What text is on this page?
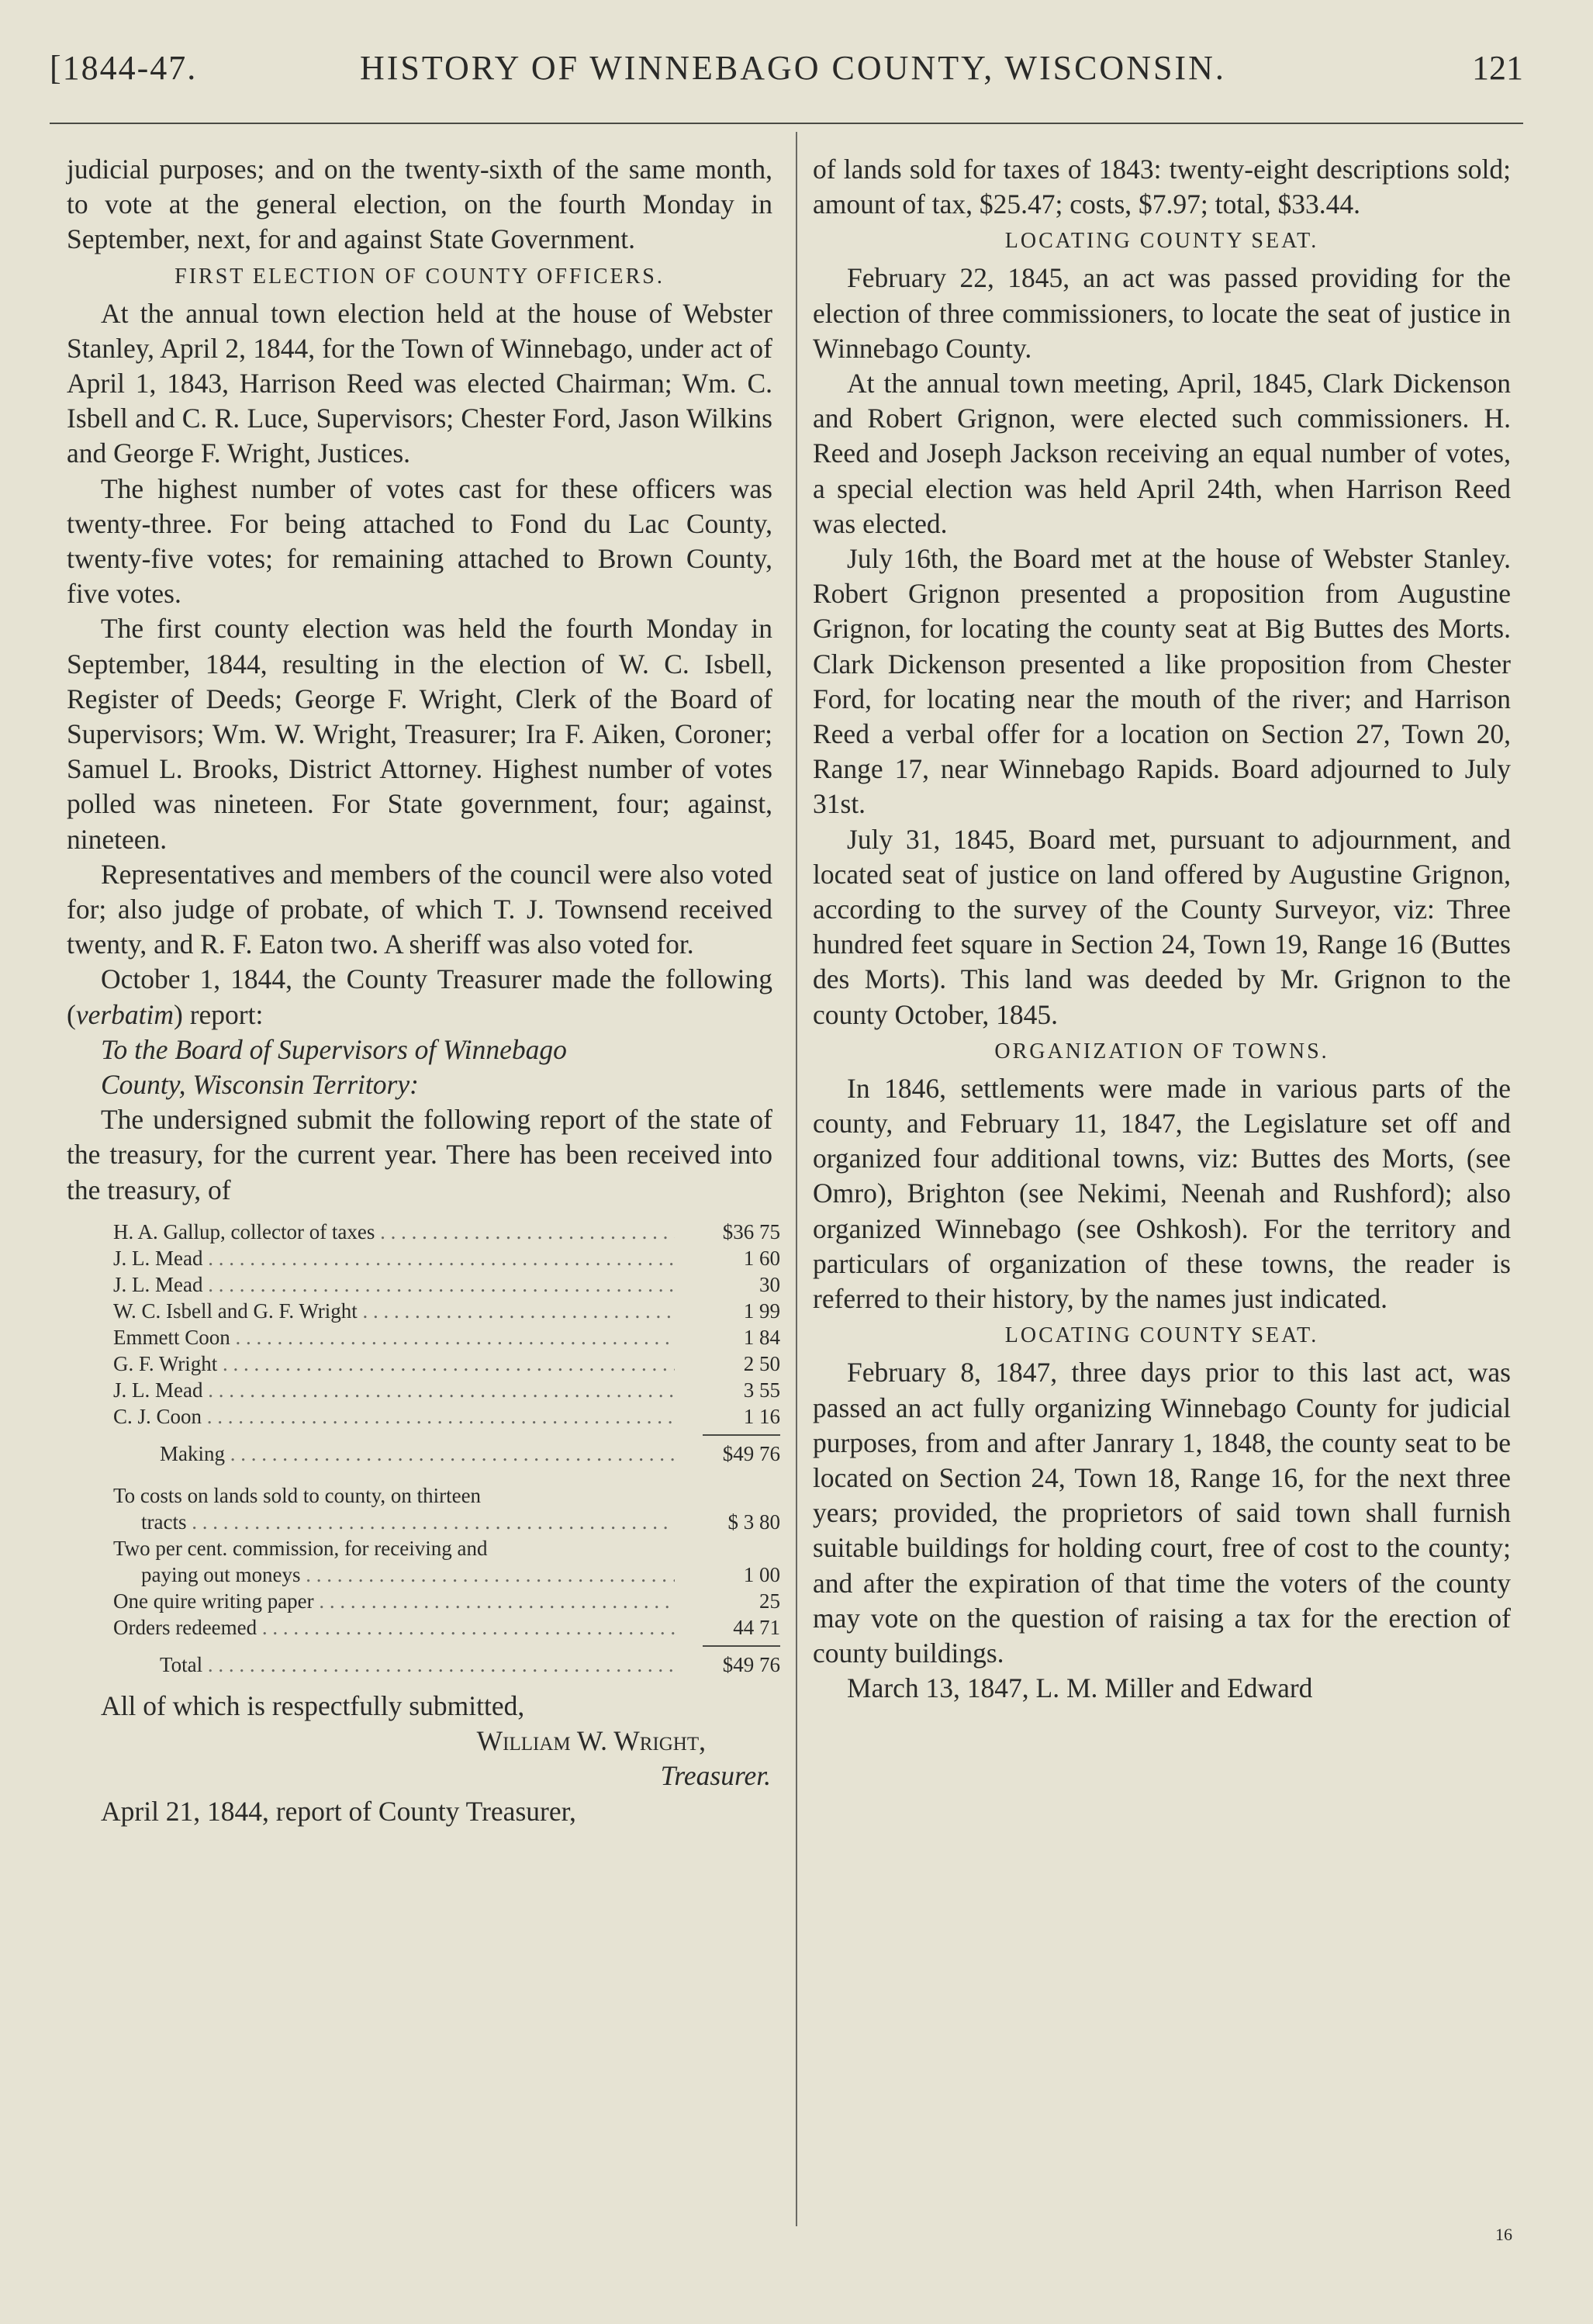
[1844-47.	HISTORY OF WINNEBAGO COUNTY, WISCONSIN.	121

judicial purposes; and on the twenty-sixth of the same month, to vote at the general election, on the fourth Monday in September, next, for and against State Government.

FIRST ELECTION OF COUNTY OFFICERS.

At the annual town election held at the house of Webster Stanley, April 2, 1844, for the Town of Winnebago, under act of April 1, 1843, Harrison Reed was elected Chairman; Wm. C. Isbell and C. R. Luce, Supervisors; Chester Ford, Jason Wilkins and George F. Wright, Justices.

The highest number of votes cast for these officers was twenty-three. For being attached to Fond du Lac County, twenty-five votes; for remaining attached to Brown County, five votes.

The first county election was held the fourth Monday in September, 1844, resulting in the election of W. C. Isbell, Register of Deeds; George F. Wright, Clerk of the Board of Supervisors; Wm. W. Wright, Treasurer; Ira F. Aiken, Coroner; Samuel L. Brooks, District Attorney. Highest number of votes polled was nineteen. For State government, four; against, nineteen.

Representatives and members of the council were also voted for; also judge of probate, of which T. J. Townsend received twenty, and R. F. Eaton two. A sheriff was also voted for.

October 1, 1844, the County Treasurer made the following (verbatim) report:

To the Board of Supervisors of Winnebago

County, Wisconsin Territory:

The undersigned submit the following report of the state of the treasury, for the current year. There has been received into the treasury, of

H. A. Gallup, collector of taxes . . .	$36 75
J. L. Mead . . .	1 60
J. L. Mead . . .	30
W. C. Isbell and G. F. Wright . . .	1 99
Emmett Coon . . .	1 84
G. F. Wright . . .	2 50
J. L. Mead . . .	3 55
C. J. Coon . . .	1 16
Making . . .	$49 76
To costs on lands sold to county, on thirteen
tracts . . .	$ 3 80
Two per cent. commission, for receiving and
paying out moneys . . .	1 00
One quire writing paper . . .	25
Orders redeemed . . .	44 71
Total . . .	$49 76

All of which is respectfully submitted,

William W. Wright,
Treasurer.

April 21, 1844, report of County Treasurer,

of lands sold for taxes of 1843: twenty-eight descriptions sold; amount of tax, $25.47; costs, $7.97; total, $33.44.

LOCATING COUNTY SEAT.

February 22, 1845, an act was passed providing for the election of three commissioners, to locate the seat of justice in Winnebago County.

At the annual town meeting, April, 1845, Clark Dickenson and Robert Grignon, were elected such commissioners. H. Reed and Joseph Jackson receiving an equal number of votes, a special election was held April 24th, when Harrison Reed was elected.

July 16th, the Board met at the house of Webster Stanley. Robert Grignon presented a proposition from Augustine Grignon, for locating the county seat at Big Buttes des Morts. Clark Dickenson presented a like proposition from Chester Ford, for locating near the mouth of the river; and Harrison Reed a verbal offer for a location on Section 27, Town 20, Range 17, near Winnebago Rapids. Board adjourned to July 31st.

July 31, 1845, Board met, pursuant to adjournment, and located seat of justice on land offered by Augustine Grignon, according to the survey of the County Surveyor, viz: Three hundred feet square in Section 24, Town 19, Range 16 (Buttes des Morts). This land was deeded by Mr. Grignon to the county October, 1845.

ORGANIZATION OF TOWNS.

In 1846, settlements were made in various parts of the county, and February 11, 1847, the Legislature set off and organized four additional towns, viz: Buttes des Morts, (see Omro), Brighton (see Nekimi, Neenah and Rushford); also organized Winnebago (see Oshkosh). For the territory and particulars of organization of these towns, the reader is referred to their history, by the names just indicated.

LOCATING COUNTY SEAT.

February 8, 1847, three days prior to this last act, was passed an act fully organizing Winnebago County for judicial purposes, from and after Janrary 1, 1848, the county seat to be located on Section 24, Town 18, Range 16, for the next three years; provided, the proprietors of said town shall furnish suitable buildings for holding court, free of cost to the county; and after the expiration of that time the voters of the county may vote on the question of raising a tax for the erection of county buildings.

March 13, 1847, L. M. Miller and Edward

16
